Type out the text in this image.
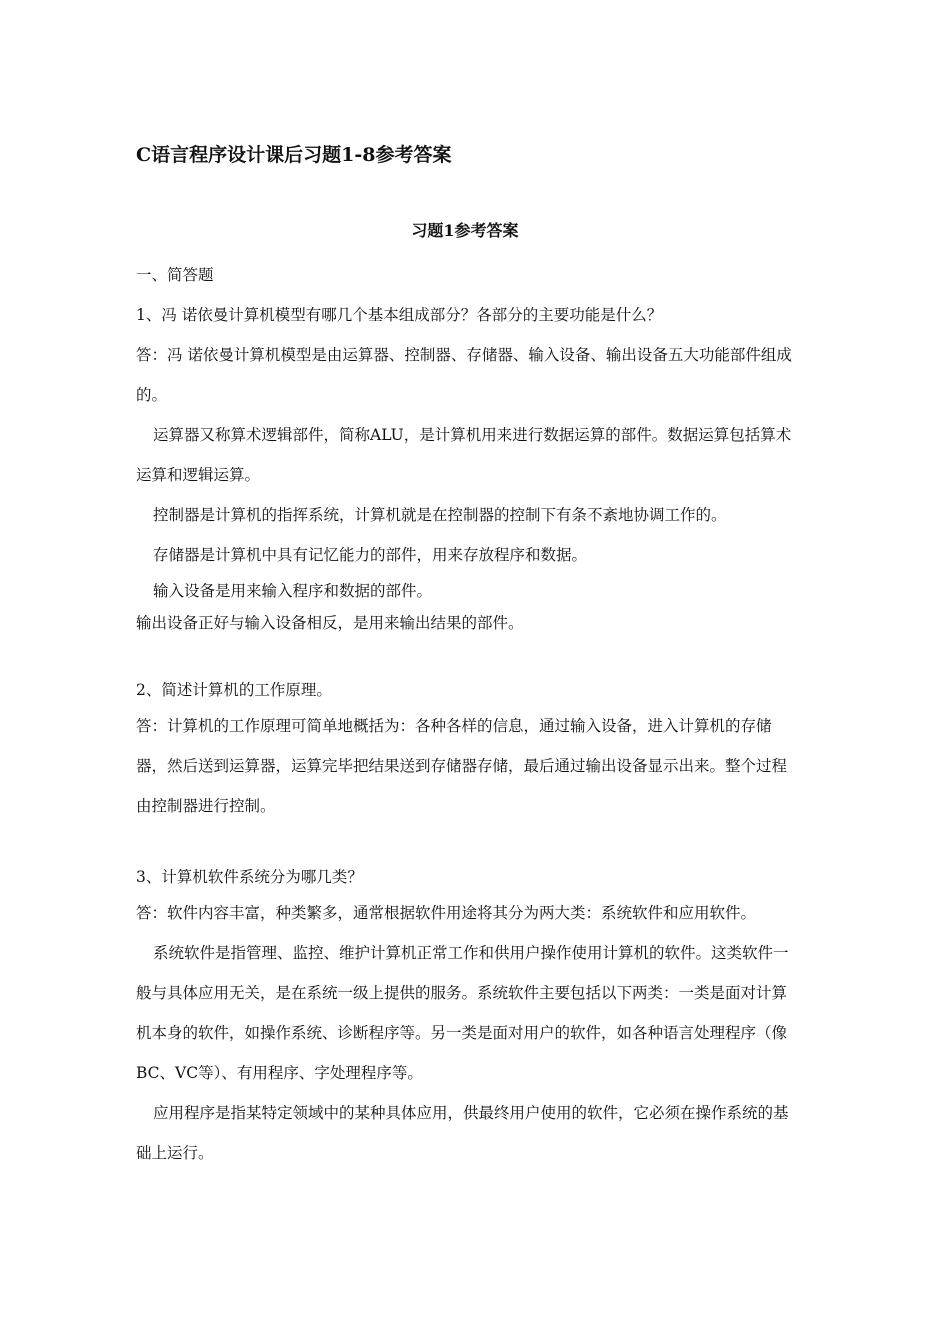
C语言程序设计课后习题1-8参考答案
习题1参考答案

一、简答题

1、冯 诺依曼计算机模型有哪几个基本组成部分？各部分的主要功能是什么？

答：冯 诺依曼计算机模型是由运算器、控制器、存储器、输入设备、输出设备五大功能部件组成的。

运算器又称算术逻辑部件，简称ALU，是计算机用来进行数据运算的部件。数据运算包括算术运算和逻辑运算。

控制器是计算机的指挥系统，计算机就是在控制器的控制下有条不紊地协调工作的。

存储器是计算机中具有记忆能力的部件，用来存放程序和数据。

输入设备是用来输入程序和数据的部件。

输出设备正好与输入设备相反，是用来输出结果的部件。

2、简述计算机的工作原理。

答：计算机的工作原理可简单地概括为：各种各样的信息，通过输入设备，进入计算机的存储器，然后送到运算器，运算完毕把结果送到存储器存储，最后通过输出设备显示出来。整个过程由控制器进行控制。

3、计算机软件系统分为哪几类？

答：软件内容丰富，种类繁多，通常根据软件用途将其分为两大类：系统软件和应用软件。

系统软件是指管理、监控、维护计算机正常工作和供用户操作使用计算机的软件。这类软件一般与具体应用无关，是在系统一级上提供的服务。系统软件主要包括以下两类：一类是面对计算机本身的软件，如操作系统、诊断程序等。另一类是面对用户的软件，如各种语言处理程序（像BC、VC等）、有用程序、字处理程序等。

应用程序是指某特定领域中的某种具体应用，供最终用户使用的软件，它必须在操作系统的基础上运行。
